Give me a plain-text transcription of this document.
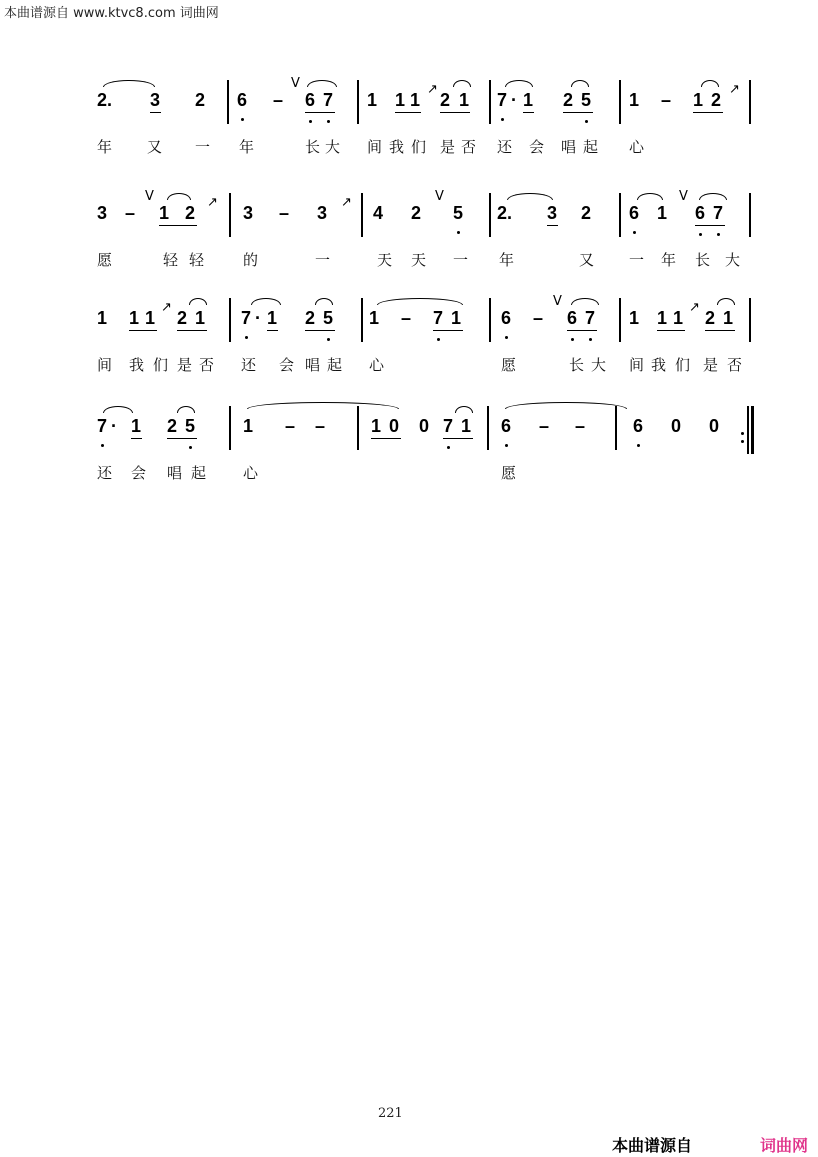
本曲谱源自 www.ktvc8.com 词曲网
2. 3 2 6 –
V
6 7 1 1 1
↗
2 1 7 · 1 2 5 1 – 1 2
↗
年 又 一 年	长 大 间 我 们 是 否 还 会 唱 起 心
3 –
V
1 2
↗
3 – 3
↗
4 2
V
5 2. 3 2 6 1
V
6 7
愿	轻 轻	的	一	天 天 一 年	又 一 年 长 大
1 1 1
↗
2 1 7 · 1 2 5 1 – 7 1 6 –
V
6 7 1 1 1
↗
2 1
间 我 们 是 否 还 会 唱 起 心	愿	长 大 间 我 们 是 否
7 · 1 2 5	1 – –	1 0 0 7 1 6 – –	6 0 0
还 会 唱 起 心	愿
221
本曲谱源自	词曲网
